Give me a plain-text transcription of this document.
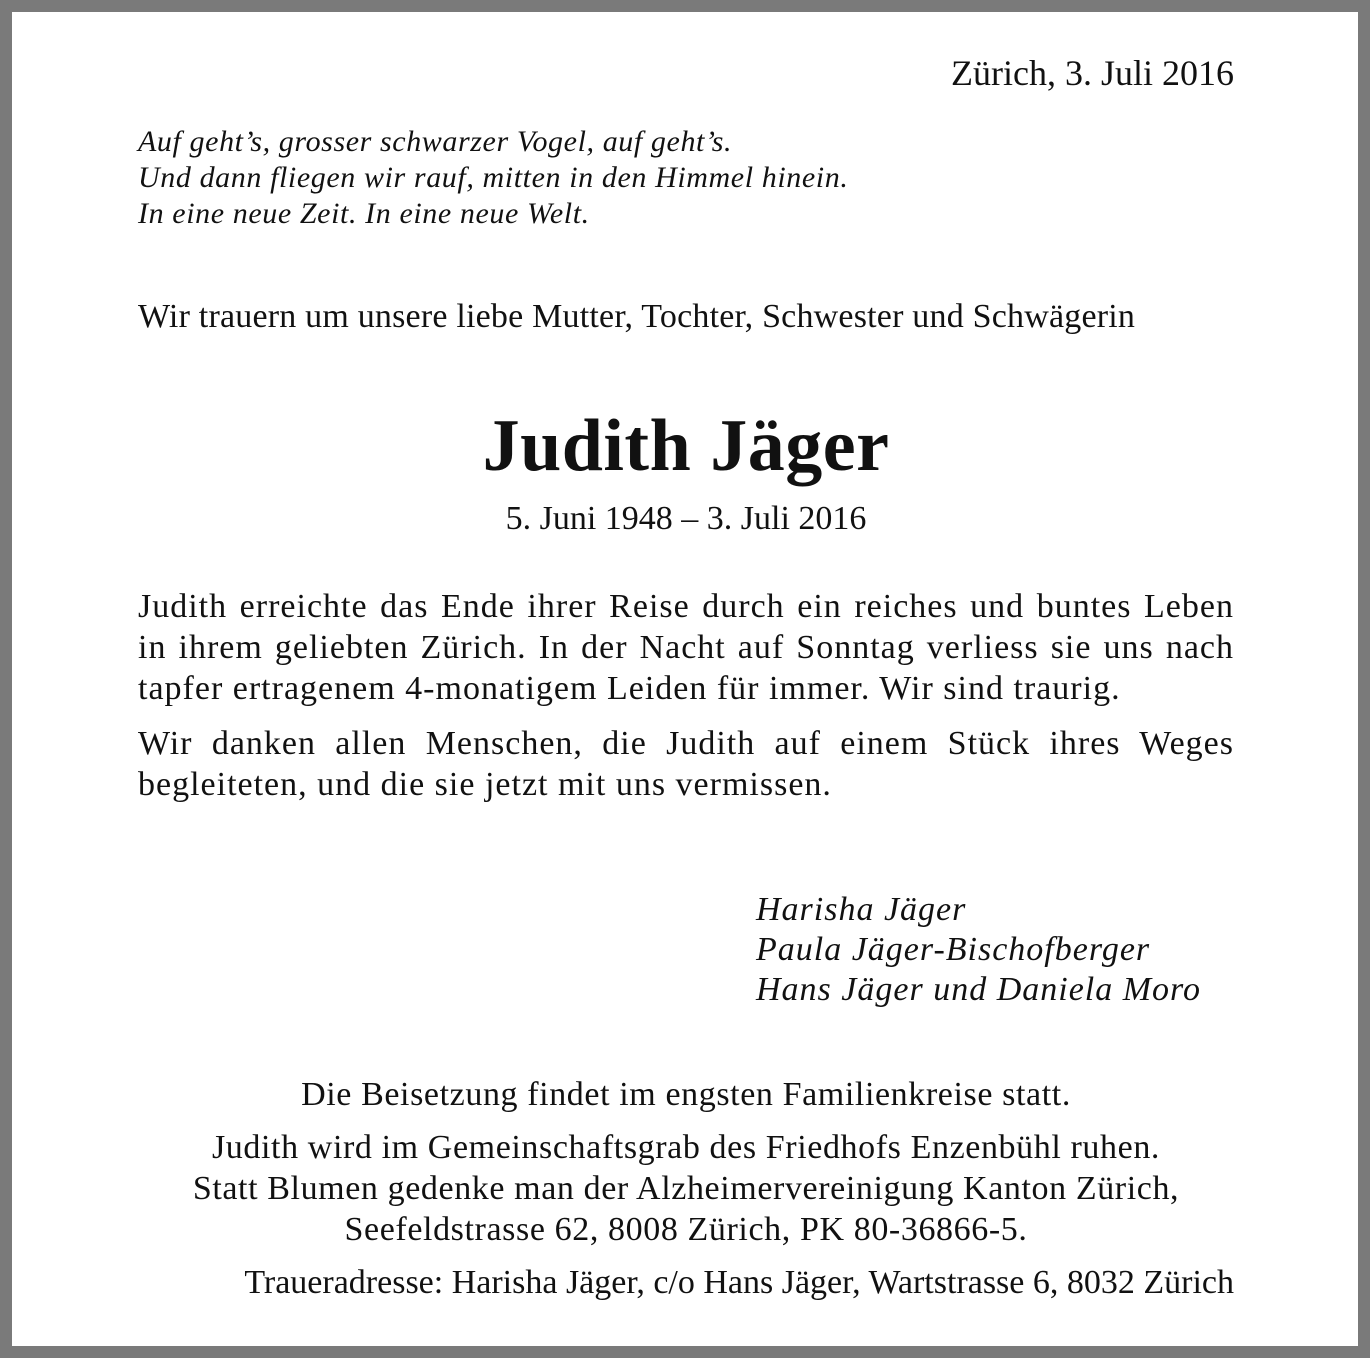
Zürich, 3. Juli 2016
Auf geht’s, grosser schwarzer Vogel, auf geht’s.
Und dann fliegen wir rauf, mitten in den Himmel hinein.
In eine neue Zeit. In eine neue Welt.
Wir trauern um unsere liebe Mutter, Tochter, Schwester und Schwägerin
Judith Jäger
5. Juni 1948 – 3. Juli 2016

Judith erreichte das Ende ihrer Reise durch ein reiches und buntes Leben in ihrem geliebten Zürich. In der Nacht auf Sonntag verliess sie uns nach tapfer ertragenem 4-monatigem Leiden für immer. Wir sind traurig.

Wir danken allen Menschen, die Judith auf einem Stück ihres Weges begleiteten, und die sie jetzt mit uns vermissen.

Harisha Jäger
Paula Jäger-Bischofberger
Hans Jäger und Daniela Moro

Die Beisetzung findet im engsten Familienkreise statt.

Judith wird im Gemeinschaftsgrab des Friedhofs Enzenbühl ruhen.
Statt Blumen gedenke man der Alzheimervereinigung Kanton Zürich,
Seefeldstrasse 62, 8008 Zürich, PK 80-36866-5.

Traueradresse: Harisha Jäger, c/o Hans Jäger, Wartstrasse 6, 8032 Zürich
